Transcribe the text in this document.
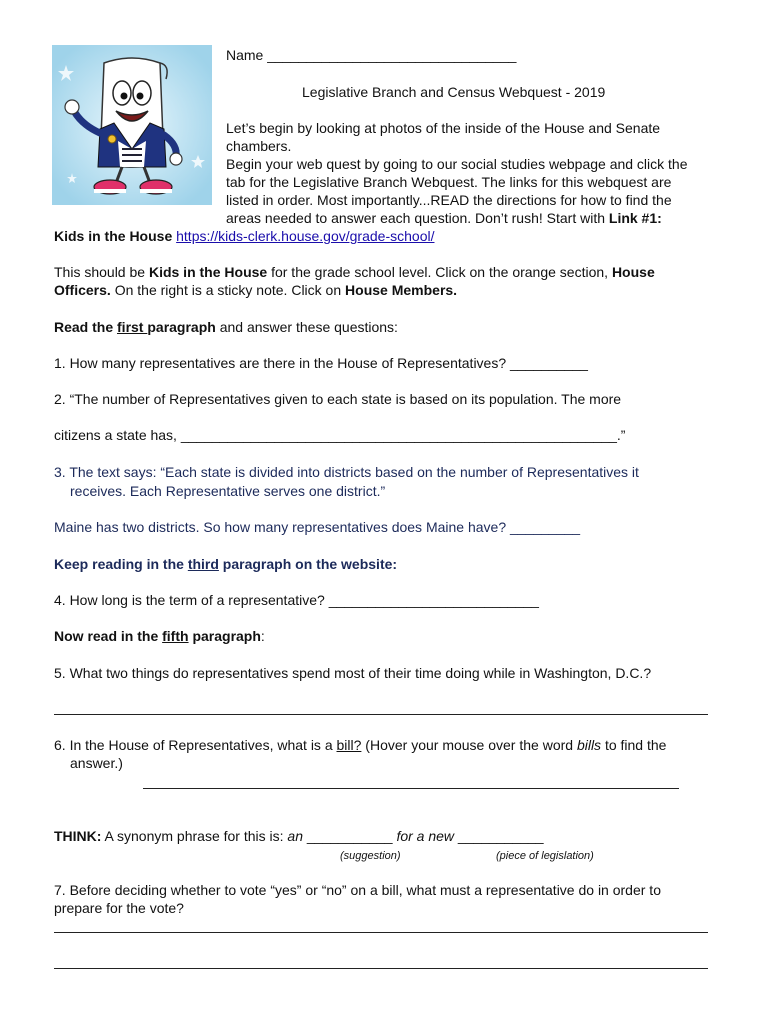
Name ________________________________
Legislative Branch and Census Webquest - 2019
Let’s begin by looking at photos of the inside of the House and Senate
chambers.
Begin your web quest by going to our social studies webpage and click the
tab for the Legislative Branch Webquest. The links for this webquest are
listed in order. Most importantly...READ the directions for how to find the
areas needed to answer each question. Don’t rush! Start with Link #1:
Kids in the House https://kids-clerk.house.gov/grade-school/
This should be Kids in the House for the grade school level. Click on the orange section, House
Officers. On the right is a sticky note. Click on House Members.
Read the first paragraph and answer these questions:
1. How many representatives are there in the House of Representatives? __________
2. “The number of Representatives given to each state is based on its population. The more
citizens a state has, ________________________________________________________.”
3. The text says: “Each state is divided into districts based on the number of Representatives it
receives. Each Representative serves one district.”
Maine has two districts. So how many representatives does Maine have? _________
Keep reading in the third paragraph on the website:
4. How long is the term of a representative? ___________________________
Now read in the fifth paragraph:
5. What two things do representatives spend most of their time doing while in Washington, D.C.?
6. In the House of Representatives, what is a bill? (Hover your mouse over the word bills to find the
answer.)
THINK: A synonym phrase for this is: an ___________ for a new ___________
(suggestion)	(piece of legislation)
7. Before deciding whether to vote “yes” or “no” on a bill, what must a representative do in order to
prepare for the vote?
